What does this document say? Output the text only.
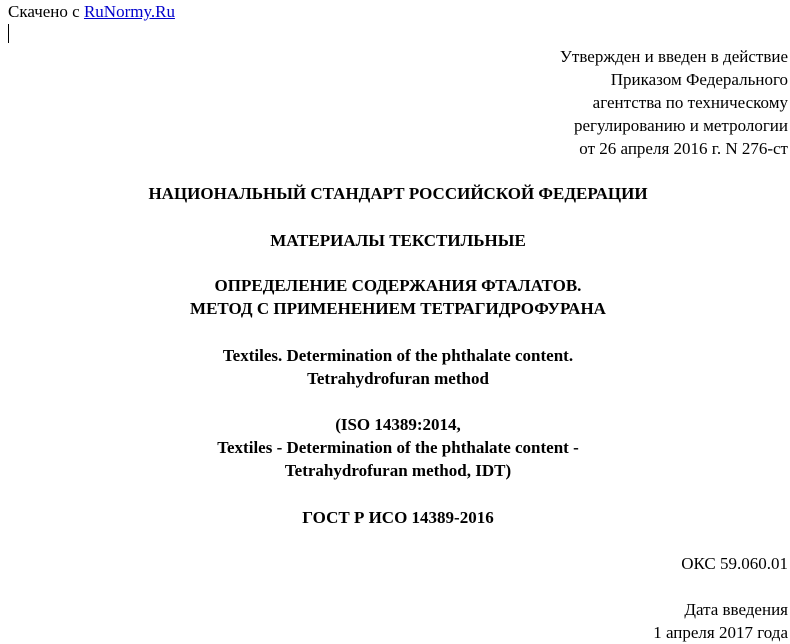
Скачено с RuNormy.Ru
Утвержден и введен в действие
Приказом Федерального
агентства по техническому
регулированию и метрологии
от 26 апреля 2016 г. N 276-ст
НАЦИОНАЛЬНЫЙ СТАНДАРТ РОССИЙСКОЙ ФЕДЕРАЦИИ
МАТЕРИАЛЫ ТЕКСТИЛЬНЫЕ
ОПРЕДЕЛЕНИЕ СОДЕРЖАНИЯ ФТАЛАТОВ.
МЕТОД С ПРИМЕНЕНИЕМ ТЕТРАГИДРОФУРАНА
Textiles. Determination of the phthalate content.
Tetrahydrofuran method
(ISO 14389:2014,
Textiles - Determination of the phthalate content -
Tetrahydrofuran method, IDT)
ГОСТ Р ИСО 14389-2016
ОКС 59.060.01
Дата введения
1 апреля 2017 года
